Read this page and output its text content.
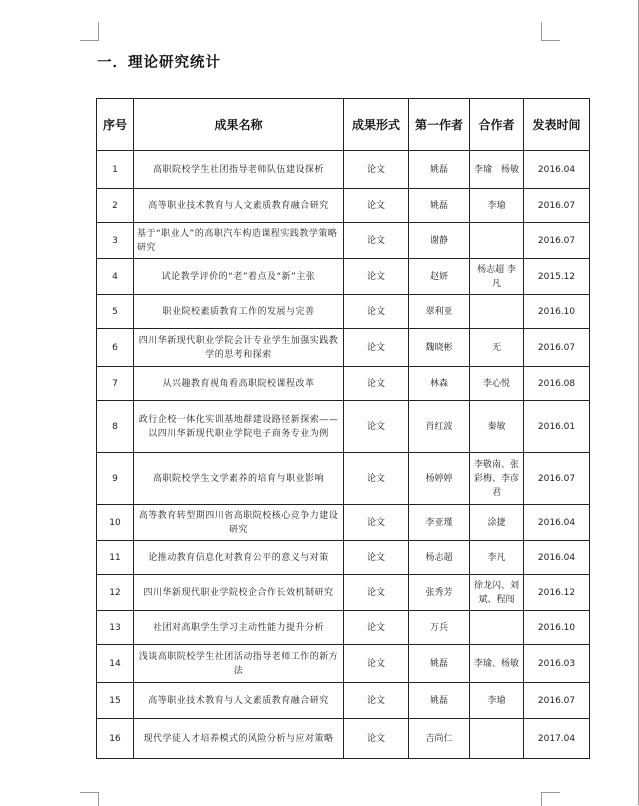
一．理论研究统计
序号	成果名称	成果形式	第一作者	合作者	发表时间
1	高职院校学生社团指导老师队伍建设探析	论文	姚磊	李瑜　杨敏	2016.04
2	高等职业技术教育与人文素质教育融合研究	论文	姚磊	李瑜	2016.07
3	基于“职业人”的高职汽车构造课程实践教学策略研究	论文	谢静		2016.07
4	试论教学评价的“老”着点及“新”主张	论文	赵妍	杨志超 李凡	2015.12
5	职业院校素质教育工作的发展与完善	论文	翠利亚		2016.10
6	四川华新现代职业学院会计专业学生加强实践教学的思考和探索	论文	魏晓彬	无	2016.07
7	从兴趣教育视角看高职院校课程改革	论文	林森	李心悦	2016.08
8	政行企校一体化实训基地群建设路径新探索——以四川华新现代职业学院电子商务专业为例	论文	肖红波	秦敏	2016.01
9	高职院校学生文学素养的培育与职业影响	论文	杨婷婷	李敬南、张彩梅、李彦君	2016.07
10	高等教育转型期四川省高职院校核心竞争力建设研究	论文	李亚瑾	涂捷	2016.04
11	论推动教育信息化对教育公平的意义与对策	论文	杨志超	李凡	2016.04
12	四川华新现代职业学院校企合作长效机制研究	论文	张秀芳	徐龙闪、刘斌、程闯	2016.12
13	社团对高职学生学习主动性能力提升分析	论文	万兵		2016.10
14	浅谈高职院校学生社团活动指导老师工作的新方法	论文	姚磊	李瑜、杨敏	2016.03
15	高等职业技术教育与人文素质教育融合研究	论文	姚磊	李瑜	2016.07
16	现代学徒人才培养模式的风险分析与应对策略	论文	吉尚仁		2017.04
